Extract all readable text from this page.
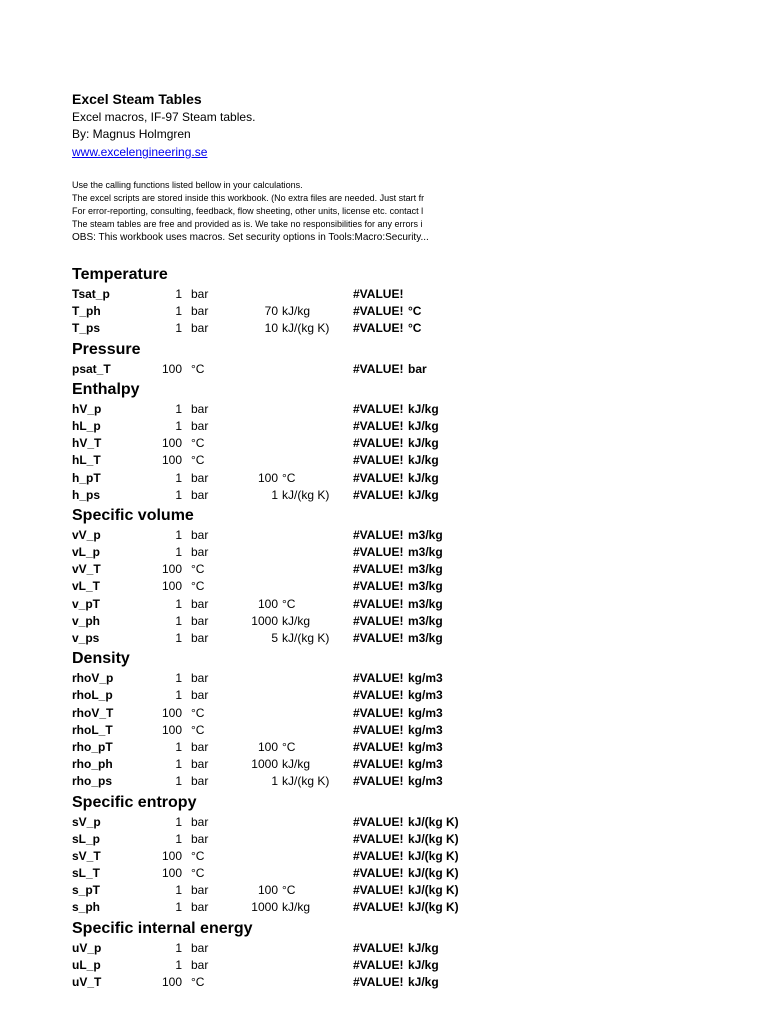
Excel Steam Tables
Excel macros, IF-97 Steam tables.
By: Magnus Holmgren
www.excelengineering.se
Use the calling functions listed bellow in your calculations.
The excel scripts are stored inside this workbook. (No extra files are needed. Just start fr
For error-reporting, consulting, feedback, flow sheeting, other units, license etc. contact l
The steam tables are free and provided as is. We take no responsibilities for any errors i
OBS: This workbook uses macros. Set security options in Tools:Macro:Security...
Temperature
Tsat_p	1 bar	#VALUE!
T_ph	1 bar	70 kJ/kg	#VALUE! °C
T_ps	1 bar	10 kJ/(kg K) #VALUE! °C
Pressure
psat_T	100 °C	#VALUE! bar
Enthalpy
hV_p	1 bar	#VALUE! kJ/kg
hL_p	1 bar	#VALUE! kJ/kg
hV_T	100 °C	#VALUE! kJ/kg
hL_T	100 °C	#VALUE! kJ/kg
h_pT	1 bar	100 °C	#VALUE! kJ/kg
h_ps	1 bar	1 kJ/(kg K) #VALUE! kJ/kg
Specific volume
vV_p	1 bar	#VALUE! m3/kg
vL_p	1 bar	#VALUE! m3/kg
vV_T	100 °C	#VALUE! m3/kg
vL_T	100 °C	#VALUE! m3/kg
v_pT	1 bar	100 °C	#VALUE! m3/kg
v_ph	1 bar	1000 kJ/kg	#VALUE! m3/kg
v_ps	1 bar	5 kJ/(kg K) #VALUE! m3/kg
Density
rhoV_p	1 bar	#VALUE! kg/m3
rhoL_p	1 bar	#VALUE! kg/m3
rhoV_T	100 °C	#VALUE! kg/m3
rhoL_T	100 °C	#VALUE! kg/m3
rho_pT	1 bar	100 °C	#VALUE! kg/m3
rho_ph	1 bar	1000 kJ/kg	#VALUE! kg/m3
rho_ps	1 bar	1 kJ/(kg K) #VALUE! kg/m3
Specific entropy
sV_p	1 bar	#VALUE! kJ/(kg K)
sL_p	1 bar	#VALUE! kJ/(kg K)
sV_T	100 °C	#VALUE! kJ/(kg K)
sL_T	100 °C	#VALUE! kJ/(kg K)
s_pT	1 bar	100 °C	#VALUE! kJ/(kg K)
s_ph	1 bar	1000 kJ/kg	#VALUE! kJ/(kg K)
Specific internal energy
uV_p	1 bar	#VALUE! kJ/kg
uL_p	1 bar	#VALUE! kJ/kg
uV_T	100 °C	#VALUE! kJ/kg
